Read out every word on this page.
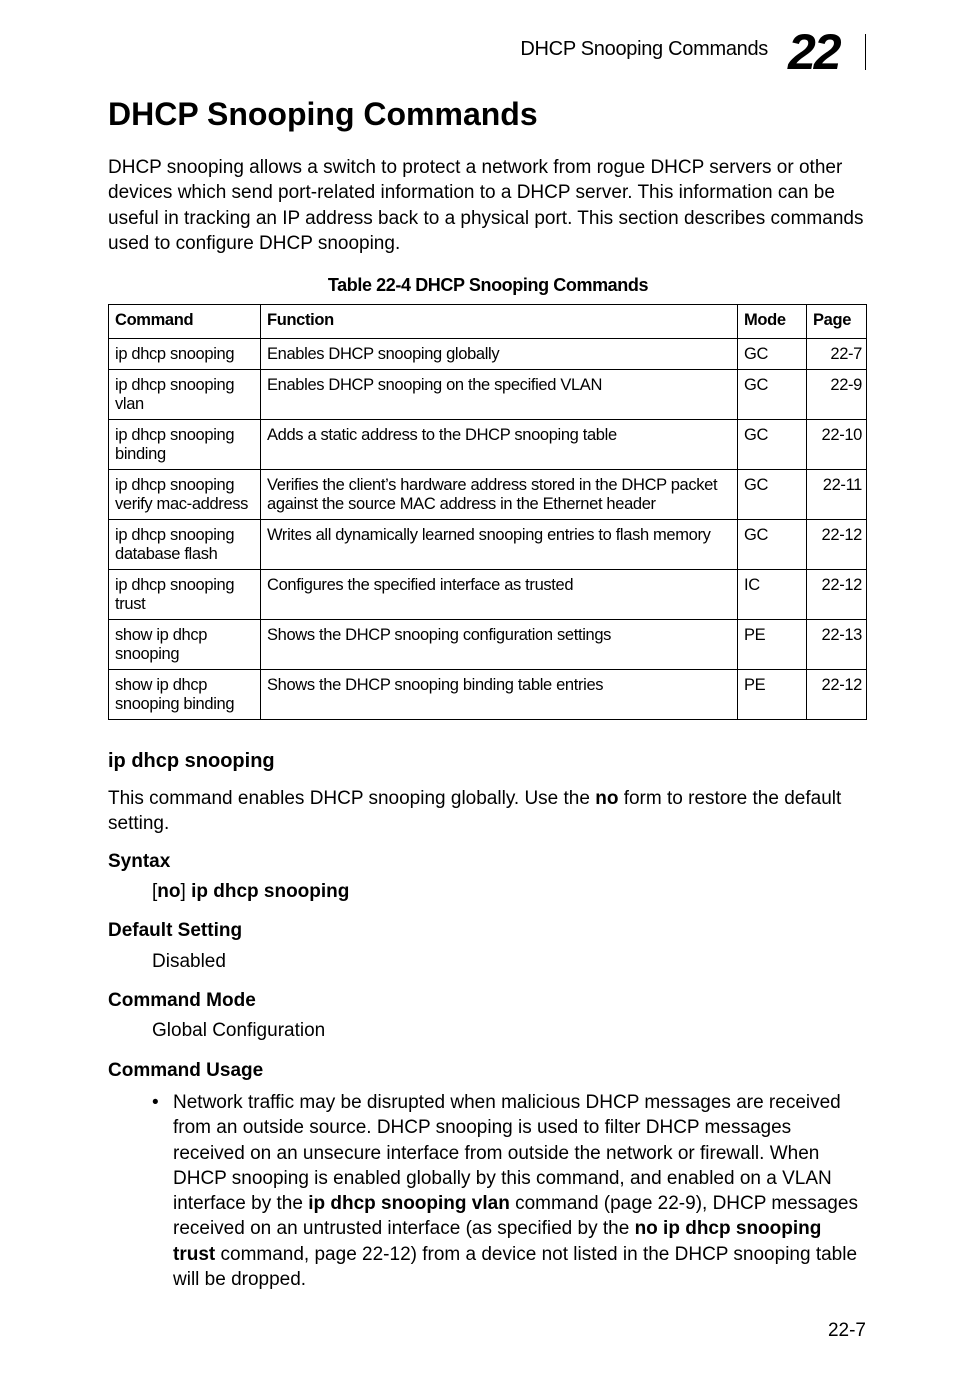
DHCP Snooping Commands 22
DHCP Snooping Commands

DHCP snooping allows a switch to protect a network from rogue DHCP servers or other devices which send port-related information to a DHCP server. This information can be useful in tracking an IP address back to a physical port. This section describes commands used to configure DHCP snooping.

Table 22-4 DHCP Snooping Commands
Command	Function	Mode	Page
ip dhcp snooping	Enables DHCP snooping globally	GC	22-7
ip dhcp snooping vlan	Enables DHCP snooping on the specified VLAN	GC	22-9
ip dhcp snooping binding	Adds a static address to the DHCP snooping table	GC	22-10
ip dhcp snooping verify mac-address	Verifies the client’s hardware address stored in the DHCP packet against the source MAC address in the Ethernet header	GC	22-11
ip dhcp snooping database flash	Writes all dynamically learned snooping entries to flash memory	GC	22-12
ip dhcp snooping trust	Configures the specified interface as trusted	IC	22-12
show ip dhcp snooping	Shows the DHCP snooping configuration settings	PE	22-13
show ip dhcp snooping binding	Shows the DHCP snooping binding table entries	PE	22-12
ip dhcp snooping

This command enables DHCP snooping globally. Use the no form to restore the default setting.

Syntax

[no] ip dhcp snooping

Default Setting

Disabled

Command Mode

Global Configuration

Command Usage

• Network traffic may be disrupted when malicious DHCP messages are received from an outside source. DHCP snooping is used to filter DHCP messages received on an unsecure interface from outside the network or firewall. When DHCP snooping is enabled globally by this command, and enabled on a VLAN interface by the ip dhcp snooping vlan command (page 22-9), DHCP messages received on an untrusted interface (as specified by the no ip dhcp snooping trust command, page 22-12) from a device not listed in the DHCP snooping table will be dropped.
22-7
